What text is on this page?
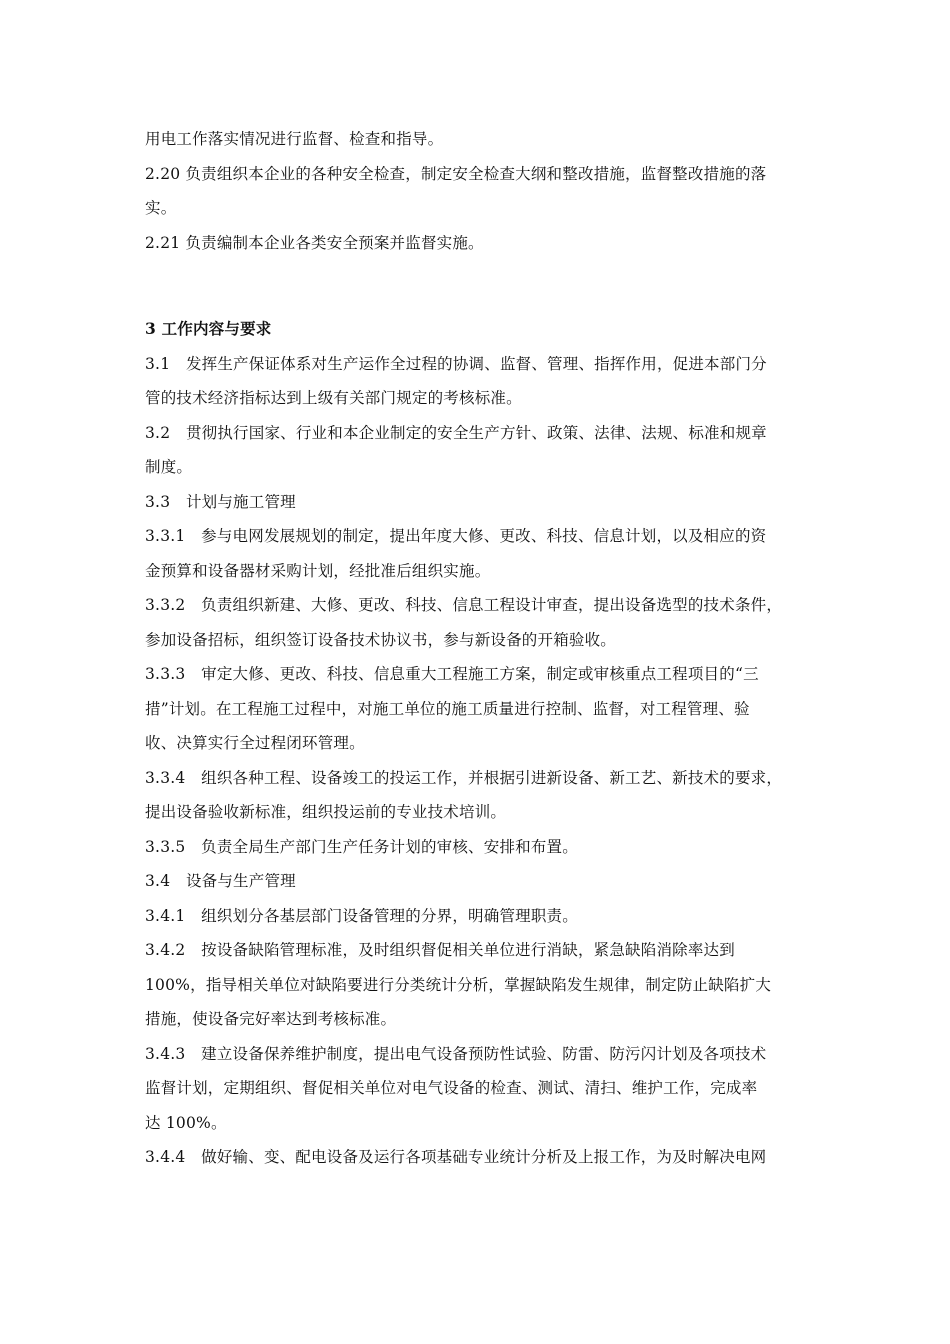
用电工作落实情况进行监督、检查和指导。

2.20 负责组织本企业的各种安全检查，制定安全检查大纲和整改措施，监督整改措施的落

实。

2.21 负责编制本企业各类安全预案并监督实施。

3 工作内容与要求

3.1　发挥生产保证体系对生产运作全过程的协调、监督、管理、指挥作用，促进本部门分

管的技术经济指标达到上级有关部门规定的考核标准。

3.2　贯彻执行国家、行业和本企业制定的安全生产方针、政策、法律、法规、标准和规章

制度。

3.3　计划与施工管理

3.3.1　参与电网发展规划的制定，提出年度大修、更改、科技、信息计划，以及相应的资

金预算和设备器材采购计划，经批准后组织实施。

3.3.2　负责组织新建、大修、更改、科技、信息工程设计审查，提出设备选型的技术条件，

参加设备招标，组织签订设备技术协议书，参与新设备的开箱验收。

3.3.3　审定大修、更改、科技、信息重大工程施工方案，制定或审核重点工程项目的“三

措”计划。在工程施工过程中，对施工单位的施工质量进行控制、监督，对工程管理、验

收、决算实行全过程闭环管理。

3.3.4　组织各种工程、设备竣工的投运工作，并根据引进新设备、新工艺、新技术的要求，

提出设备验收新标准，组织投运前的专业技术培训。

3.3.5　负责全局生产部门生产任务计划的审核、安排和布置。

3.4　设备与生产管理

3.4.1　组织划分各基层部门设备管理的分界，明确管理职责。

3.4.2　按设备缺陷管理标准，及时组织督促相关单位进行消缺，紧急缺陷消除率达到

100%，指导相关单位对缺陷要进行分类统计分析，掌握缺陷发生规律，制定防止缺陷扩大

措施，使设备完好率达到考核标准。

3.4.3　建立设备保养维护制度，提出电气设备预防性试验、防雷、防污闪计划及各项技术

监督计划，定期组织、督促相关单位对电气设备的检查、测试、清扫、维护工作，完成率

达 100%。

3.4.4　做好输、变、配电设备及运行各项基础专业统计分析及上报工作，为及时解决电网
